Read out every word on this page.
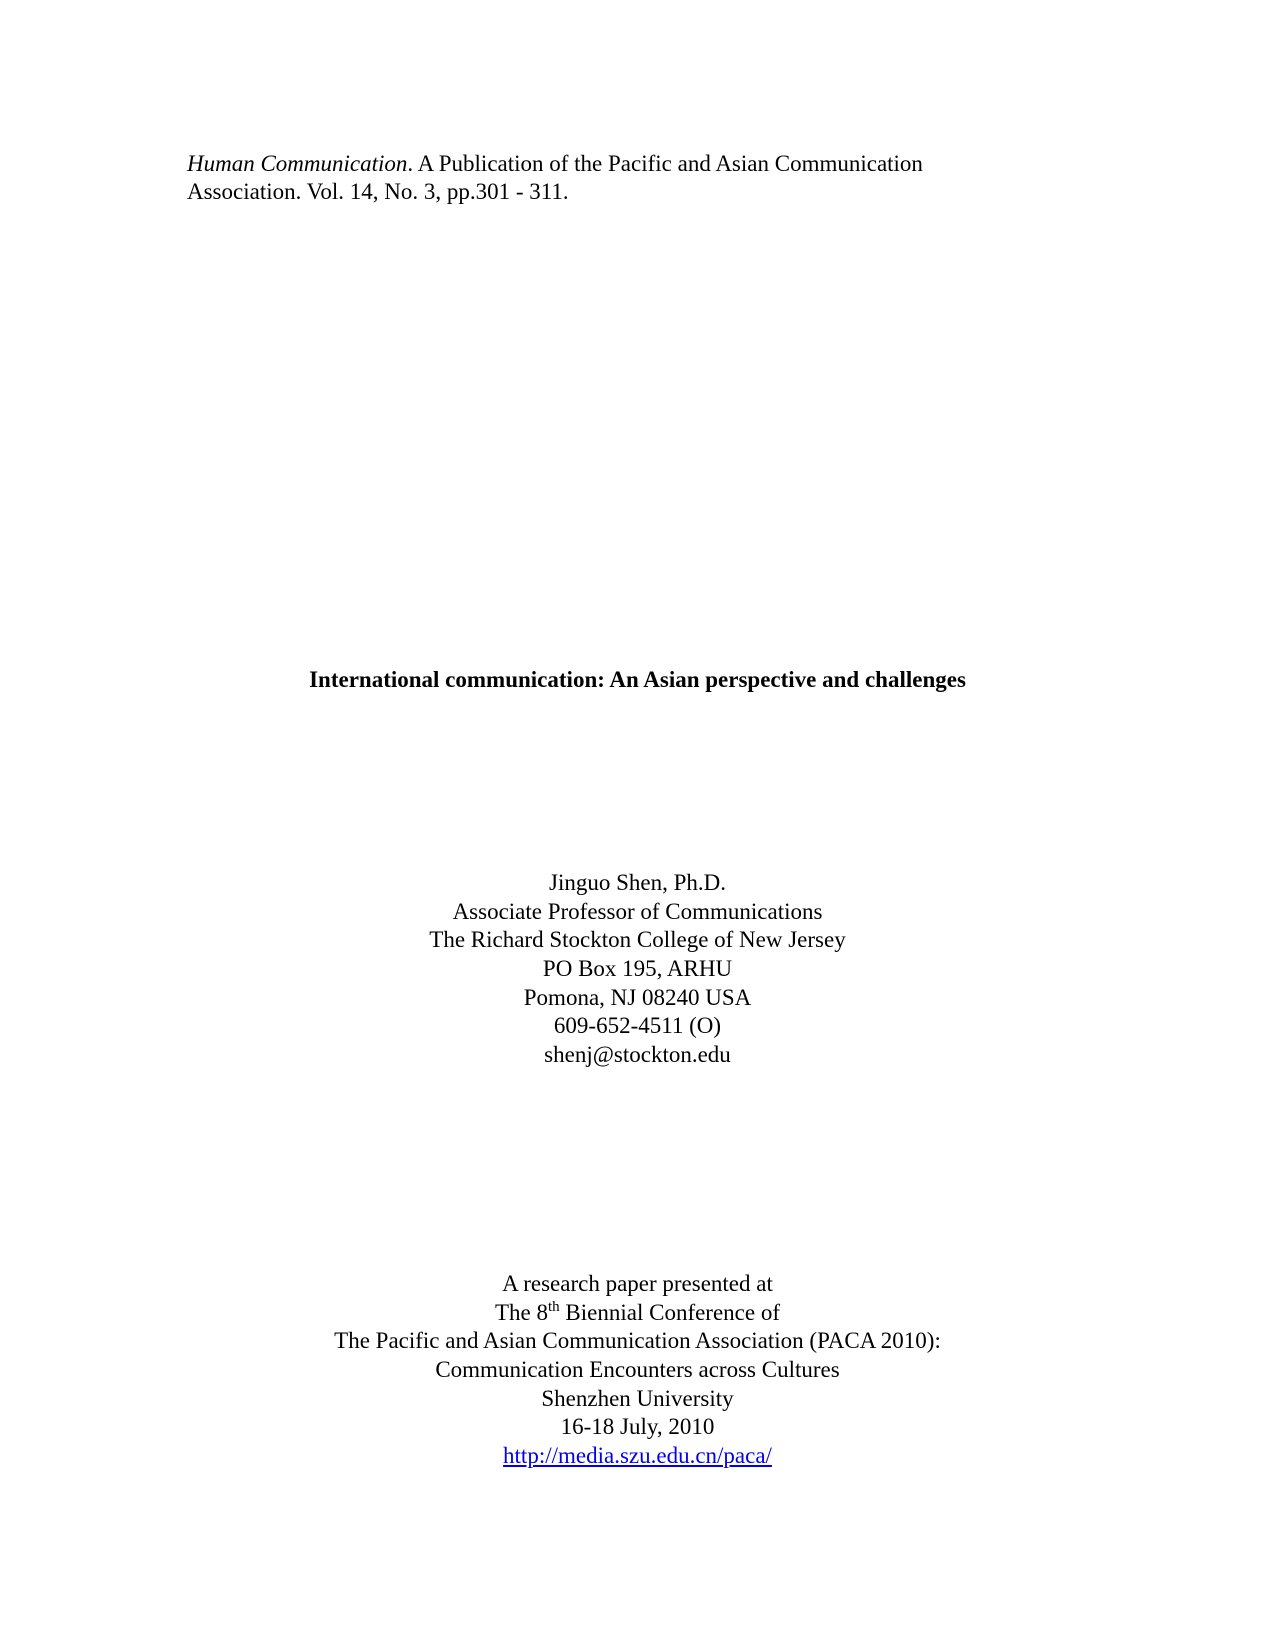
Human Communication. A Publication of the Pacific and Asian Communication

Association. Vol. 14, No. 3, pp.301 - 311.

International communication: An Asian perspective and challenges
Jinguo Shen, Ph.D.
Associate Professor of Communications
The Richard Stockton College of New Jersey
PO Box 195, ARHU
Pomona, NJ 08240 USA
609-652-4511 (O)
shenj@stockton.edu
A research paper presented at
The 8th Biennial Conference of
The Pacific and Asian Communication Association (PACA 2010):
Communication Encounters across Cultures
Shenzhen University
16-18 July, 2010
http://media.szu.edu.cn/paca/
